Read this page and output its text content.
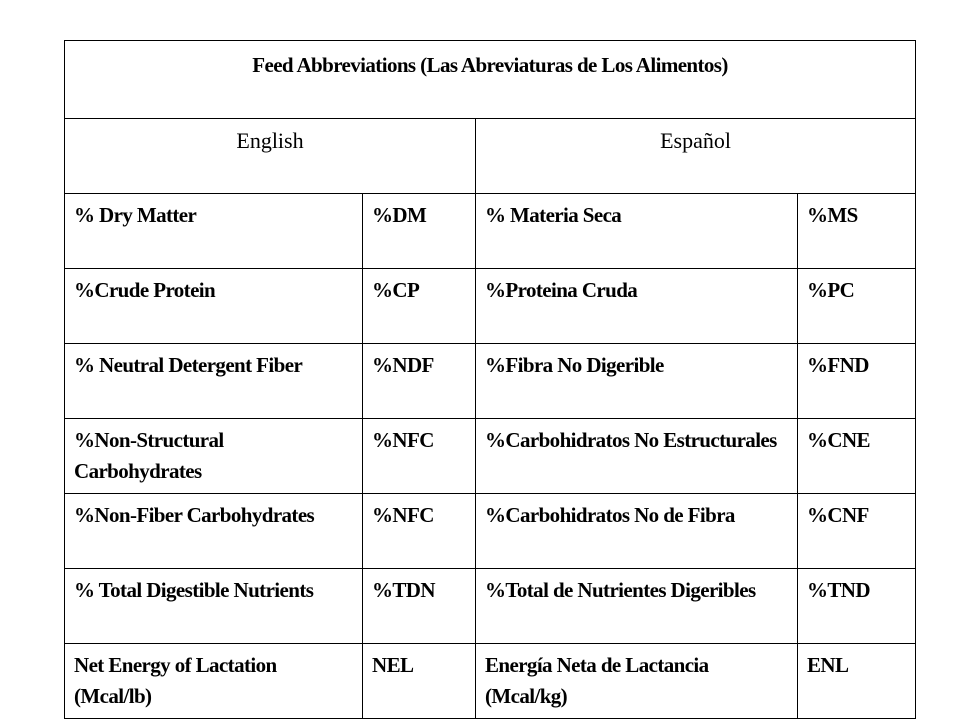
Feed Abbreviations (Las Abreviaturas de Los Alimentos)			
English		Español	
% Dry Matter	%DM	% Materia Seca	%MS
%Crude Protein	%CP	%Proteina Cruda	%PC
% Neutral Detergent Fiber	%NDF	%Fibra No Digerible	%FND
%Non-Structural Carbohydrates	%NFC	%Carbohidratos No Estructurales	%CNE
%Non-Fiber Carbohydrates	%NFC	%Carbohidratos No de Fibra	%CNF
% Total Digestible Nutrients	%TDN	%Total de Nutrientes Digeribles	%TND
Net Energy of Lactation (Mcal/lb)	NEL	Energía Neta de Lactancia (Mcal/kg)	ENL
